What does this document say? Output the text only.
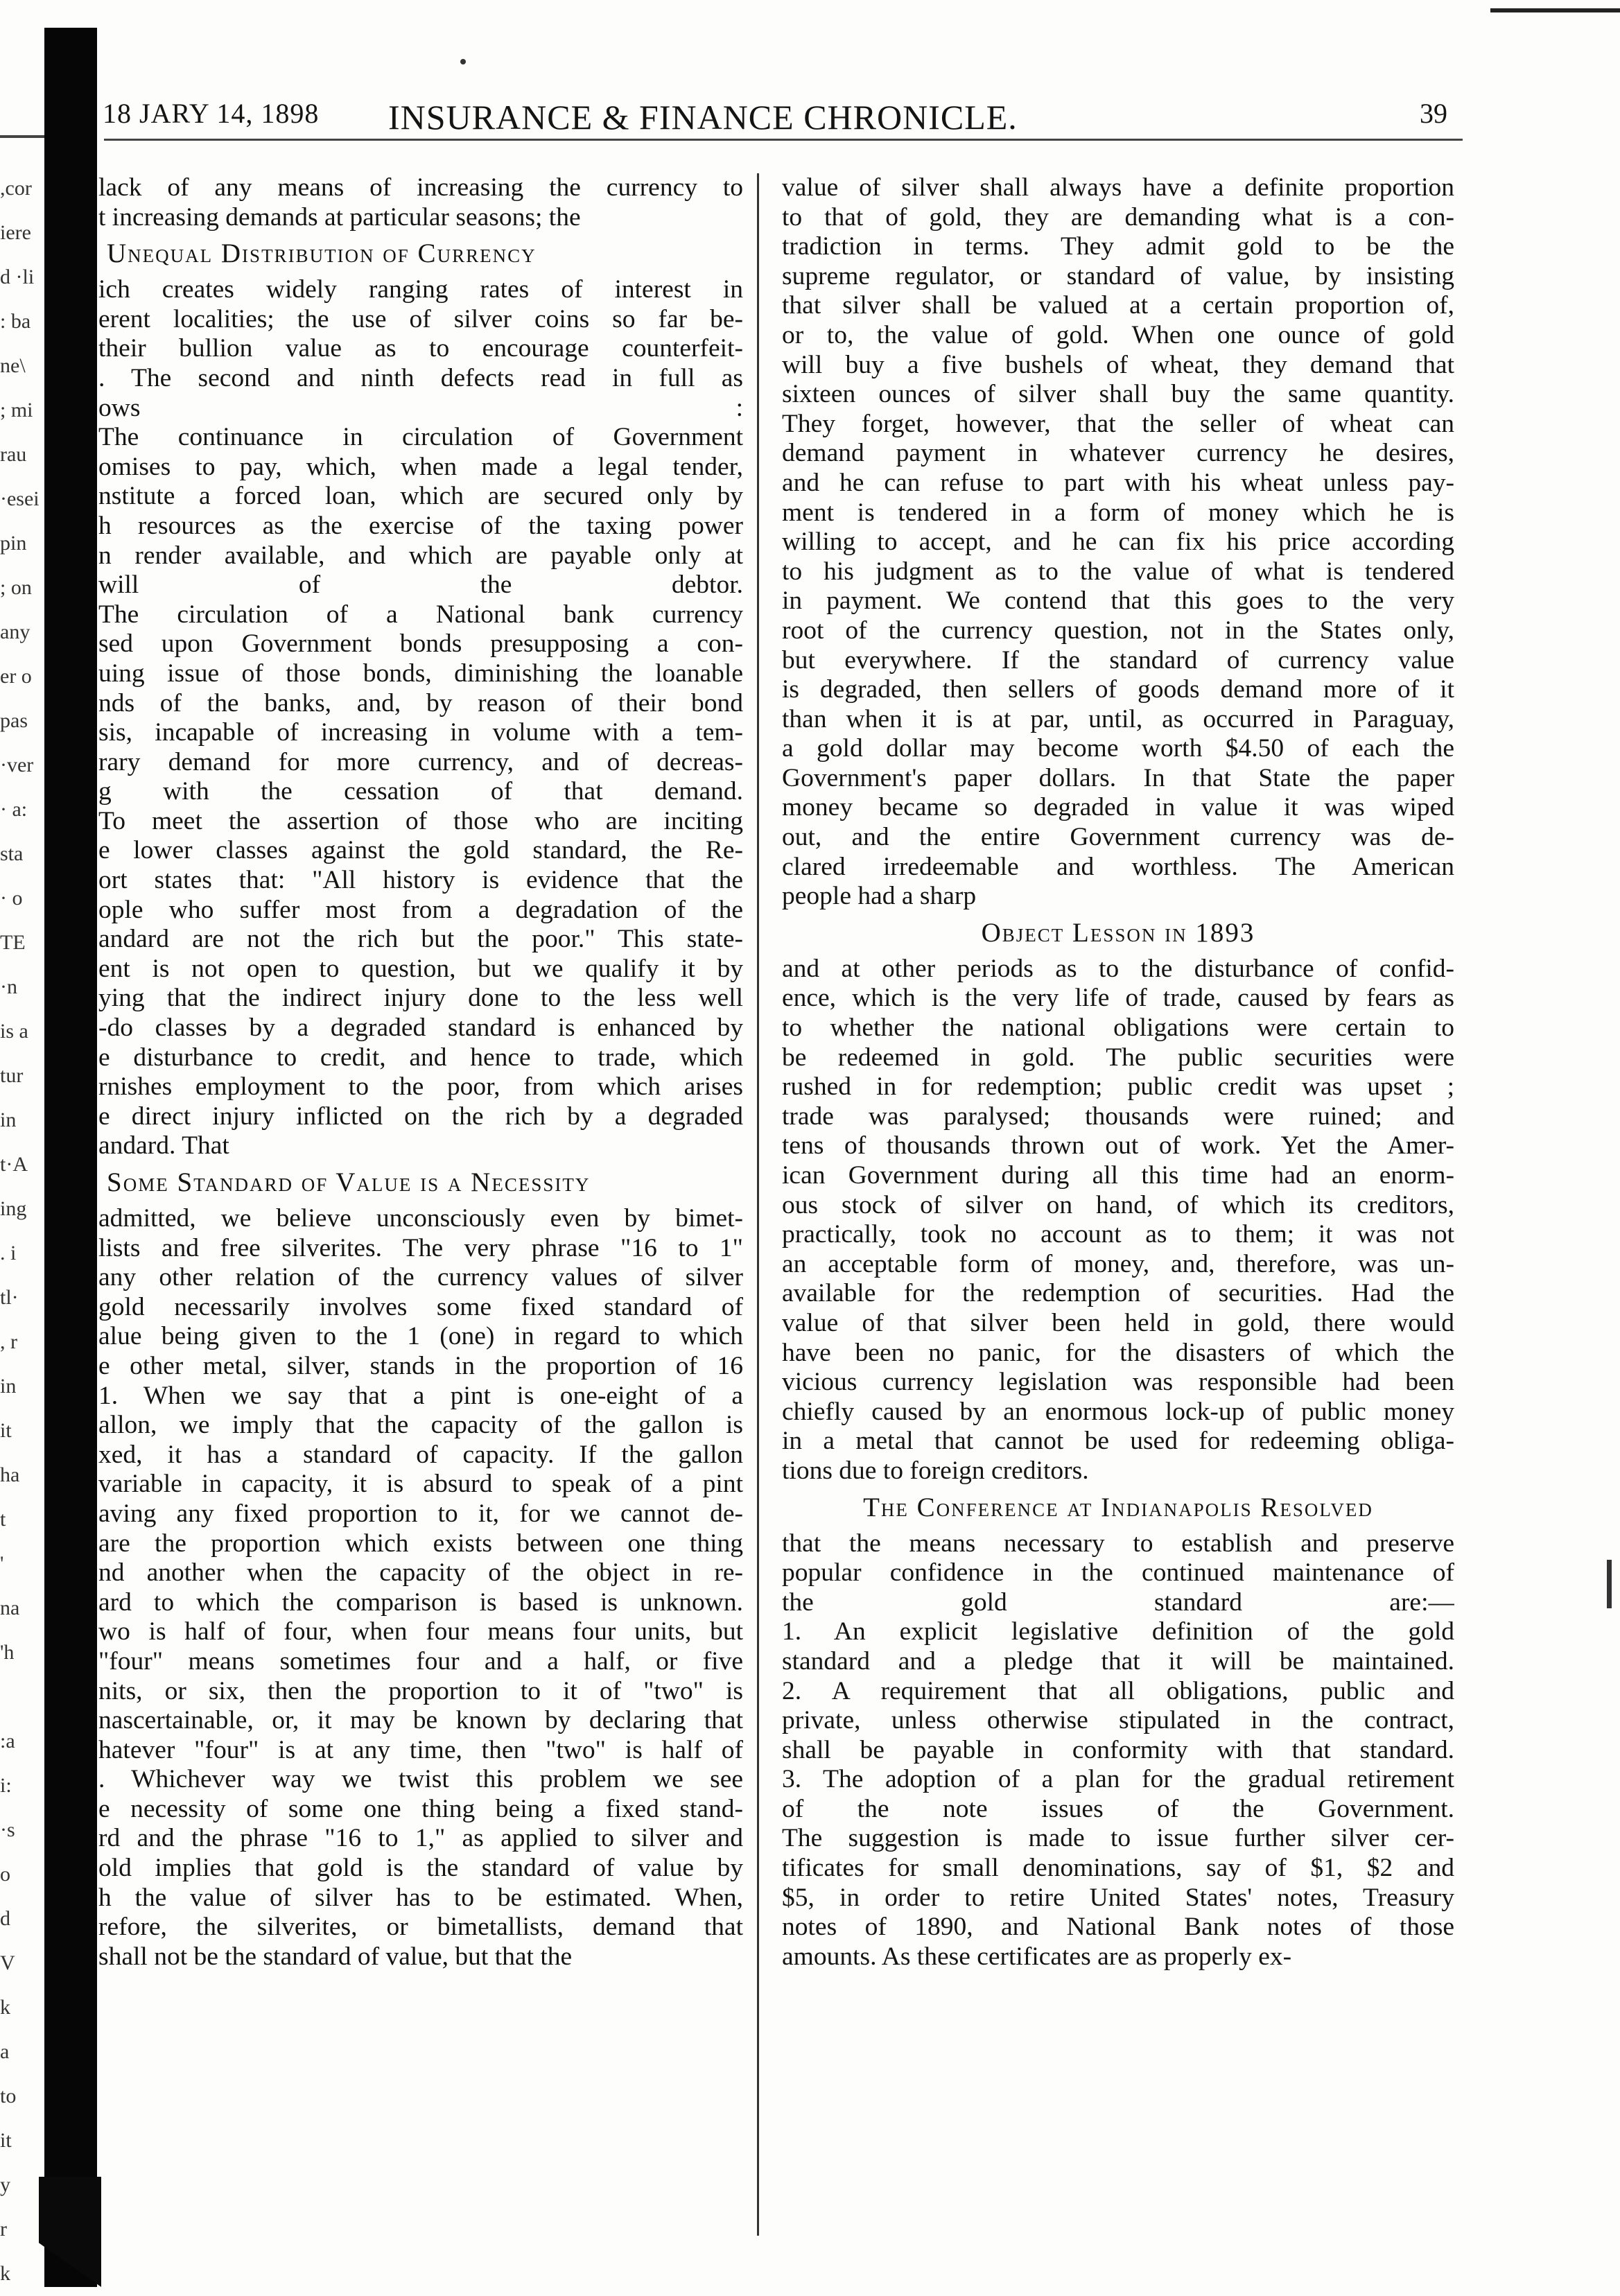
18 JARY 14, 1898 INSURANCE & FINANCE CHRONICLE.	39
,cor
iere
d ·li
: ba
ne\
; mi
rau
·esei
pin
; on
any
er o
pas
·ver
· a:
sta
· o
TE
·n
is a
tur
in
t·A
ing
. i
tl·
, r
in
it
ha
t
'
na
'h
:a
i:
·s
o
d
V
k
a
to
it
y
r
k
lack of any means of increasing the currency to
t increasing demands at particular seasons; the
Unequal Distribution of Currency
ich creates widely ranging rates of interest in
erent localities; the use of silver coins so far be-
their bullion value as to encourage counterfeit-
. The second and ninth defects read in full as
ows :
The continuance in circulation of Government
omises to pay, which, when made a legal tender,
nstitute a forced loan, which are secured only by
h resources as the exercise of the taxing power
n render available, and which are payable only at
will of the debtor.
The circulation of a National bank currency
sed upon Government bonds presupposing a con-
uing issue of those bonds, diminishing the loanable
nds of the banks, and, by reason of their bond
sis, incapable of increasing in volume with a tem-
rary demand for more currency, and of decreas-
g with the cessation of that demand.
To meet the assertion of those who are inciting
e lower classes against the gold standard, the Re-
ort states that: "All history is evidence that the
ople who suffer most from a degradation of the
andard are not the rich but the poor." This state-
ent is not open to question, but we qualify it by
ying that the indirect injury done to the less well
-do classes by a degraded standard is enhanced by
e disturbance to credit, and hence to trade, which
rnishes employment to the poor, from which arises
e direct injury inflicted on the rich by a degraded
andard. That
Some Standard of Value is a Necessity
admitted, we believe unconsciously even by bimet-
lists and free silverites. The very phrase "16 to 1"
any other relation of the currency values of silver
gold necessarily involves some fixed standard of
alue being given to the 1 (one) in regard to which
e other metal, silver, stands in the proportion of 16
1. When we say that a pint is one-eight of a
allon, we imply that the capacity of the gallon is
xed, it has a standard of capacity. If the gallon
variable in capacity, it is absurd to speak of a pint
aving any fixed proportion to it, for we cannot de-
are the proportion which exists between one thing
nd another when the capacity of the object in re-
ard to which the comparison is based is unknown.
wo is half of four, when four means four units, but
"four" means sometimes four and a half, or five
nits, or six, then the proportion to it of "two" is
nascertainable, or, it may be known by declaring that
hatever "four" is at any time, then "two" is half of
. Whichever way we twist this problem we see
e necessity of some one thing being a fixed stand-
rd and the phrase "16 to 1," as applied to silver and
old implies that gold is the standard of value by
h the value of silver has to be estimated. When,
refore, the silverites, or bimetallists, demand that
shall not be the standard of value, but that the
value of silver shall always have a definite proportion
to that of gold, they are demanding what is a con-
tradiction in terms. They admit gold to be the
supreme regulator, or standard of value, by insisting
that silver shall be valued at a certain proportion of,
or to, the value of gold. When one ounce of gold
will buy a five bushels of wheat, they demand that
sixteen ounces of silver shall buy the same quantity.
They forget, however, that the seller of wheat can
demand payment in whatever currency he desires,
and he can refuse to part with his wheat unless pay-
ment is tendered in a form of money which he is
willing to accept, and he can fix his price according
to his judgment as to the value of what is tendered
in payment. We contend that this goes to the very
root of the currency question, not in the States only,
but everywhere. If the standard of currency value
is degraded, then sellers of goods demand more of it
than when it is at par, until, as occurred in Paraguay,
a gold dollar may become worth $4.50 of each the
Government's paper dollars. In that State the paper
money became so degraded in value it was wiped
out, and the entire Government currency was de-
clared irredeemable and worthless. The American
people had a sharp
Object Lesson in 1893
and at other periods as to the disturbance of confid-
ence, which is the very life of trade, caused by fears as
to whether the national obligations were certain to
be redeemed in gold. The public securities were
rushed in for redemption; public credit was upset ;
trade was paralysed; thousands were ruined; and
tens of thousands thrown out of work. Yet the Amer-
ican Government during all this time had an enorm-
ous stock of silver on hand, of which its creditors,
practically, took no account as to them; it was not
an acceptable form of money, and, therefore, was un-
available for the redemption of securities. Had the
value of that silver been held in gold, there would
have been no panic, for the disasters of which the
vicious currency legislation was responsible had been
chiefly caused by an enormous lock-up of public money
in a metal that cannot be used for redeeming obliga-
tions due to foreign creditors.
The Conference at Indianapolis Resolved
that the means necessary to establish and preserve
popular confidence in the continued maintenance of
the gold standard are:—
1. An explicit legislative definition of the gold
standard and a pledge that it will be maintained.
2. A requirement that all obligations, public and
private, unless otherwise stipulated in the contract,
shall be payable in conformity with that standard.
3. The adoption of a plan for the gradual retirement
of the note issues of the Government.
The suggestion is made to issue further silver cer-
tificates for small denominations, say of $1, $2 and
$5, in order to retire United States' notes, Treasury
notes of 1890, and National Bank notes of those
amounts. As these certificates are as properly ex-
